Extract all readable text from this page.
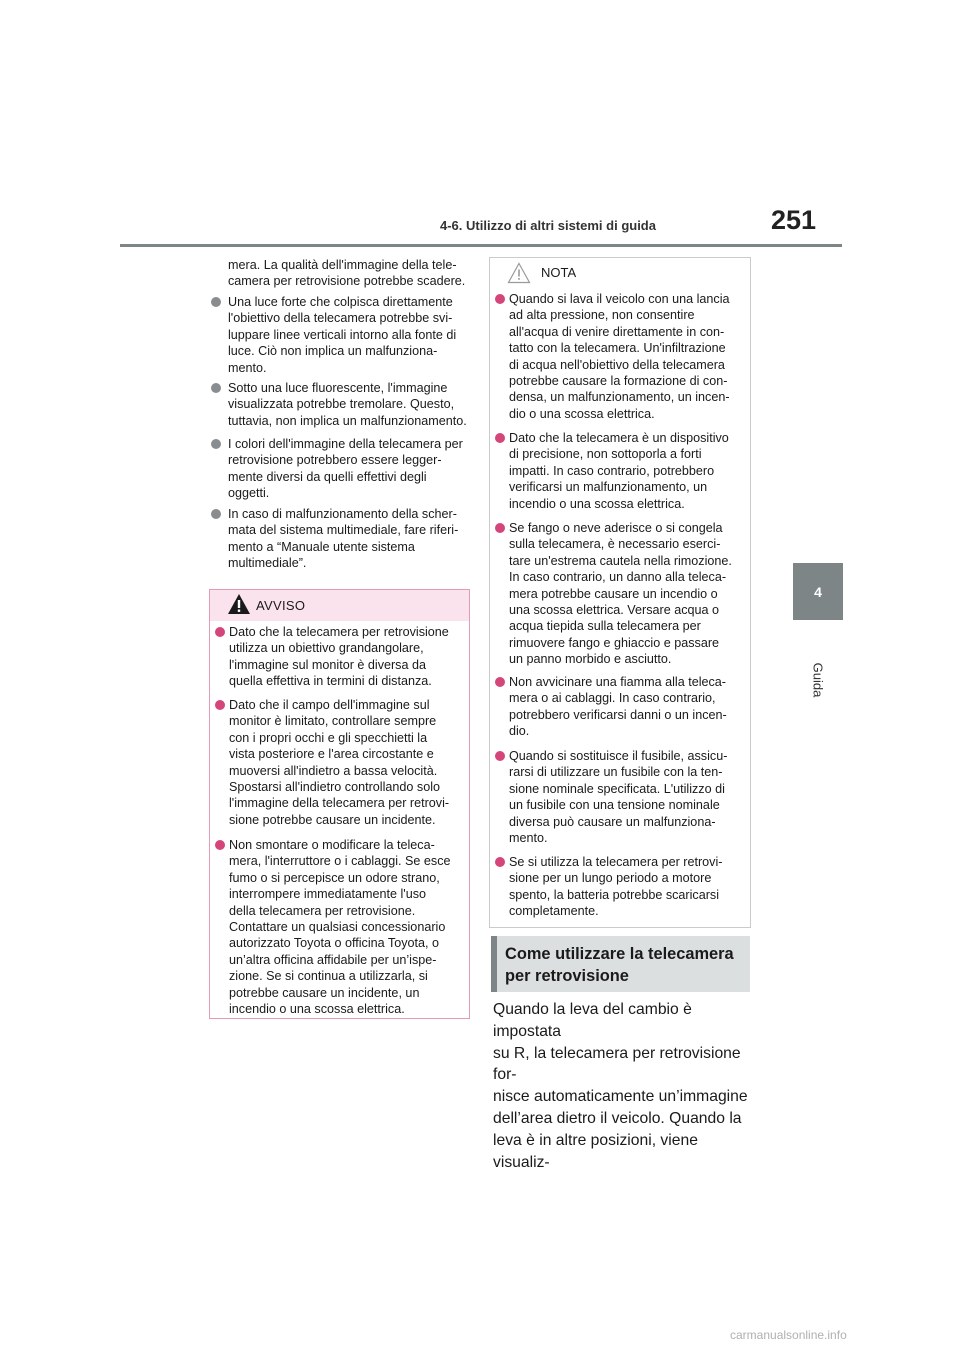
4-6. Utilizzo di altri sistemi di guida	251
4
Guida
mera. La qualità dell'immagine della tele-
camera per retrovisione potrebbe scadere.
Una luce forte che colpisca direttamente
l'obiettivo della telecamera potrebbe svi-
luppare linee verticali intorno alla fonte di
luce. Ciò non implica un malfunziona-
mento.
Sotto una luce fluorescente, l'immagine
visualizzata potrebbe tremolare. Questo,
tuttavia, non implica un malfunzionamento.
I colori dell'immagine della telecamera per
retrovisione potrebbero essere legger-
mente diversi da quelli effettivi degli
oggetti.
In caso di malfunzionamento della scher-
mata del sistema multimediale, fare riferi-
mento a “Manuale utente sistema
multimediale”.
AVVISO
Dato che la telecamera per retrovisione
utilizza un obiettivo grandangolare,
l'immagine sul monitor è diversa da
quella effettiva in termini di distanza.
Dato che il campo dell'immagine sul
monitor è limitato, controllare sempre
con i propri occhi e gli specchietti la
vista posteriore e l'area circostante e
muoversi all'indietro a bassa velocità.
Spostarsi all'indietro controllando solo
l'immagine della telecamera per retrovi-
sione potrebbe causare un incidente.
Non smontare o modificare la teleca-
mera, l'interruttore o i cablaggi. Se esce
fumo o si percepisce un odore strano,
interrompere immediatamente l'uso
della telecamera per retrovisione.
Contattare un qualsiasi concessionario
autorizzato Toyota o officina Toyota, o
un’altra officina affidabile per un’ispe-
zione. Se si continua a utilizzarla, si
potrebbe causare un incidente, un
incendio o una scossa elettrica.
NOTA
Quando si lava il veicolo con una lancia
ad alta pressione, non consentire
all'acqua di venire direttamente in con-
tatto con la telecamera. Un'infiltrazione
di acqua nell'obiettivo della telecamera
potrebbe causare la formazione di con-
densa, un malfunzionamento, un incen-
dio o una scossa elettrica.
Dato che la telecamera è un dispositivo
di precisione, non sottoporla a forti
impatti. In caso contrario, potrebbero
verificarsi un malfunzionamento, un
incendio o una scossa elettrica.
Se fango o neve aderisce o si congela
sulla telecamera, è necessario eserci-
tare un'estrema cautela nella rimozione.
In caso contrario, un danno alla teleca-
mera potrebbe causare un incendio o
una scossa elettrica. Versare acqua o
acqua tiepida sulla telecamera per
rimuovere fango e ghiaccio e passare
un panno morbido e asciutto.
Non avvicinare una fiamma alla teleca-
mera o ai cablaggi. In caso contrario,
potrebbero verificarsi danni o un incen-
dio.
Quando si sostituisce il fusibile, assicu-
rarsi di utilizzare un fusibile con la ten-
sione nominale specificata. L'utilizzo di
un fusibile con una tensione nominale
diversa può causare un malfunziona-
mento.
Se si utilizza la telecamera per retrovi-
sione per un lungo periodo a motore
spento, la batteria potrebbe scaricarsi
completamente.
Come utilizzare la telecamera
per retrovisione
Quando la leva del cambio è impostata
su R, la telecamera per retrovisione for-
nisce automaticamente un’immagine
dell’area dietro il veicolo. Quando la
leva è in altre posizioni, viene visualiz-
carmanualsonline.info
